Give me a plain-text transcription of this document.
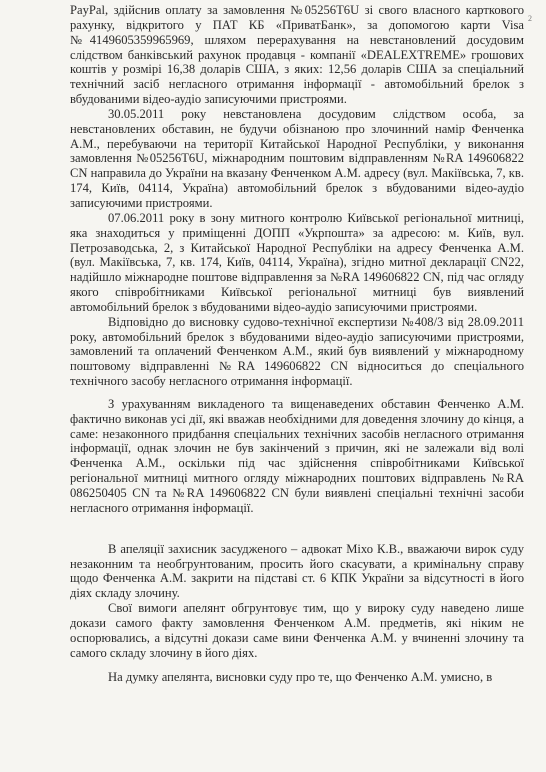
2

PayPal, здійснив оплату за замовлення №05256T6U зі свого власного карткового рахунку, відкритого у ПАТ КБ «ПриватБанк», за допомогою карти Visa №4149605359965969, шляхом перерахування на невстановлений досудовим слідством банківський рахунок продавця - компанії «DEALEXTREME» грошових коштів у розмірі 16,38 доларів США, з яких: 12,56 доларів США за спеціальний технічний засіб негласного отримання інформації - автомобільний брелок з вбудованими відео-аудіо записуючими пристроями.

30.05.2011 року невстановлена досудовим слідством особа, за невстановлених обставин, не будучи обізнаною про злочинний намір Фенченка А.М., перебуваючи на території Китайської Народної Республіки, у виконання замовлення №05256T6U, міжнародним поштовим відправленням №RA 149606822 CN направила до України на вказану Фенченком А.М. адресу (вул. Макіївська, 7, кв. 174, Київ, 04114, Україна) автомобільний брелок з вбудованими відео-аудіо записуючими пристроями.

07.06.2011 року в зону митного контролю Київської регіональної митниці, яка знаходиться у приміщенні ДОПП «Укрпошта» за адресою: м. Київ, вул. Петрозаводська, 2, з Китайської Народної Республіки на адресу Фенченка А.М. (вул. Макіївська, 7, кв. 174, Київ, 04114, Україна), згідно митної декларації CN22, надійшло міжнародне поштове відправлення за №RA 149606822 CN, під час огляду якого співробітниками Київської регіональної митниці був виявлений автомобільний брелок з вбудованими відео-аудіо записуючими пристроями.

Відповідно до висновку судово-технічної експертизи №408/3 від 28.09.2011 року, автомобільний брелок з вбудованими відео-аудіо записуючими пристроями, замовлений та оплачений Фенченком А.М., який був виявлений у міжнародному поштовому відправленні №RA 149606822 CN відноситься до спеціального технічного засобу негласного отримання інформації.

З урахуванням викладеного та вищенаведених обставин Фенченко А.М. фактично виконав усі дії, які вважав необхідними для доведення злочину до кінця, а саме: незаконного придбання спеціальних технічних засобів негласного отримання інформації, однак злочин не був закінчений з причин, які не залежали від волі Фенченка А.М., оскільки під час здійснення співробітниками Київської регіональної митниці митного огляду міжнародних поштових відправлень №RA 086250405 CN та №RA 149606822 CN були виявлені спеціальні технічні засоби негласного отримання інформації.

В апеляції захисник засудженого – адвокат Міхо К.В., вважаючи вирок суду незаконним та необгрунтованим, просить його скасувати, а кримінальну справу щодо Фенченка А.М. закрити на підставі ст. 6 КПК України за відсутності в його діях складу злочину.

Свої вимоги апелянт обгрунтовує тим, що у вироку суду наведено лише докази самого факту замовлення Фенченком А.М. предметів, які ніким не оспорювались, а відсутні докази саме вини Фенченка А.М. у вчиненні злочину та самого складу злочину в його діях.

На думку апелянта, висновки суду про те, що Фенченко А.М. умисно, в
